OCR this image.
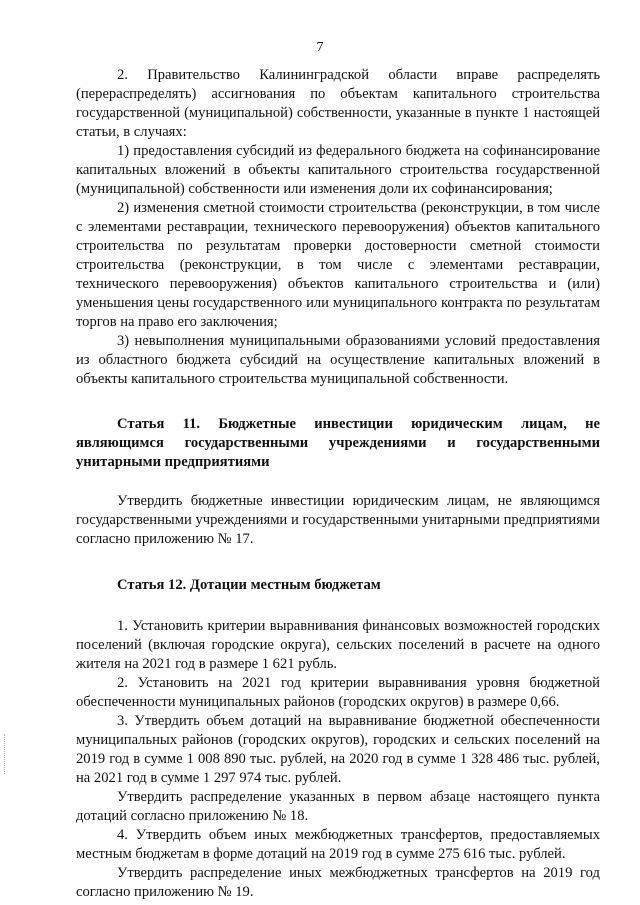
7

2. Правительство Калининградской области вправе распределять (перераспределять) ассигнования по объектам капитального строительства государственной (муниципальной) собственности, указанные в пункте 1 настоящей статьи, в случаях:

1) предоставления субсидий из федерального бюджета на софинансирование капитальных вложений в объекты капитального строительства государственной (муниципальной) собственности или изменения доли их софинансирования;

2) изменения сметной стоимости строительства (реконструкции, в том числе с элементами реставрации, технического перевооружения) объектов капитального строительства по результатам проверки достоверности сметной стоимости строительства (реконструкции, в том числе с элементами реставрации, технического перевооружения) объектов капитального строительства и (или) уменьшения цены государственного или муниципального контракта по результатам торгов на право его заключения;

3) невыполнения муниципальными образованиями условий предоставления из областного бюджета субсидий на осуществление капитальных вложений в объекты капитального строительства муниципальной собственности.

Статья 11. Бюджетные инвестиции юридическим лицам, не являющимся государственными учреждениями и государственными унитарными предприятиями

Утвердить бюджетные инвестиции юридическим лицам, не являющимся государственными учреждениями и государственными унитарными предприятиями согласно приложению № 17.

Статья 12. Дотации местным бюджетам

1. Установить критерии выравнивания финансовых возможностей городских поселений (включая городские округа), сельских поселений в расчете на одного жителя на 2021 год в размере 1 621 рубль.

2. Установить на 2021 год критерии выравнивания уровня бюджетной обеспеченности муниципальных районов (городских округов) в размере 0,66.

3. Утвердить объем дотаций на выравнивание бюджетной обеспеченности муниципальных районов (городских округов), городских и сельских поселений на 2019 год в сумме 1 008 890 тыс. рублей, на 2020 год в сумме 1 328 486 тыс. рублей, на 2021 год в сумме 1 297 974 тыс. рублей.

Утвердить распределение указанных в первом абзаце настоящего пункта дотаций согласно приложению № 18.

4. Утвердить объем иных межбюджетных трансфертов, предоставляемых местным бюджетам в форме дотаций на 2019 год в сумме 275 616 тыс. рублей.

Утвердить распределение иных межбюджетных трансфертов на 2019 год согласно приложению № 19.
